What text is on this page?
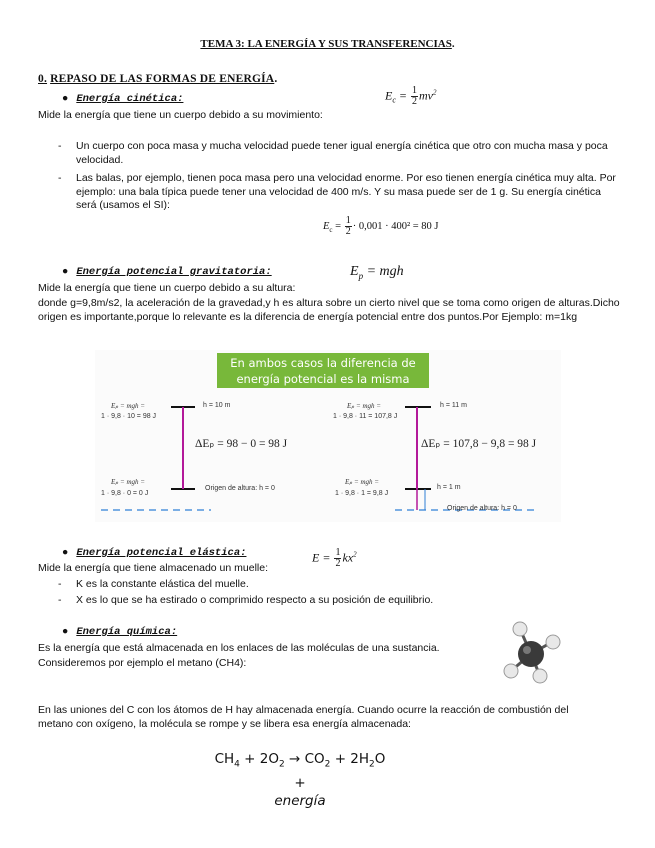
TEMA 3: LA ENERGÍA Y SUS TRANSFERENCIAS.
0. REPASO DE LAS FORMAS DE ENERGÍA.
● Energía cinética:	$E_c = \frac{1}{2} mv^2$
Mide la energía que tiene un cuerpo debido a su movimiento:
- Un cuerpo con poca masa y mucha velocidad puede tener igual energía cinética que otro con mucha masa y poca velocidad.
- Las balas, por ejemplo, tienen poca masa pero una velocidad enorme. Por eso tienen energía cinética muy alta. Por ejemplo: una bala típica puede tener una velocidad de 400 m/s. Y su masa puede ser de 1 g. Su energía cinética será (usamos el SI):
$E_c = \frac{1}{2} \cdot 0,001 \cdot 400^2 = 80$ J
● Energía potencial gravitatoria:	$E_p$ = mgh
Mide la energía que tiene un cuerpo debido a su altura:
donde g=9,8m/s2, la aceleración de la gravedad,y h es altura sobre un cierto nivel que se toma como origen de alturas.Dicho origen es importante,porque lo relevante es la diferencia de energía potencial entre dos puntos.Por Ejemplo: m=1kg
En ambos casos la diferencia de energía potencial es la misma
Eₚ = mgh =
1 · 9,8 · 10 = 98 J
h = 10 m
ΔEₚ = 98 − 0 = 98 J
Eₚ = mgh =
1 · 9,8 · 0 = 0 J
Origen de altura: h = 0
Eₚ = mgh =
1 · 9,8 · 11 = 107,8 J
h = 11 m
ΔEₚ = 107,8 − 9,8 = 98 J
Eₚ = mgh =
1 · 9,8 · 1 = 9,8 J
h = 1 m
Origen de altura: h = 0
● Energía potencial elástica:	$E = \frac{1}{2} kx^2$
Mide la energía que tiene almacenado un muelle:
- K es la constante elástica del muelle.
- X es lo que se ha estirado o comprimido respecto a su posición de equilibrio.
● Energía química:
Es la energía que está almacenada en los enlaces de las moléculas de una sustancia.
Consideremos por ejemplo el metano (CH4):
En las uniones del C con los átomos de H hay almacenada energía. Cuando ocurre la reacción de combustión del metano con oxígeno, la molécula se rompe y se libera esa energía almacenada:
$CH_4 + 2O_2 \to CO_2 + 2H_2O$ +
energía
